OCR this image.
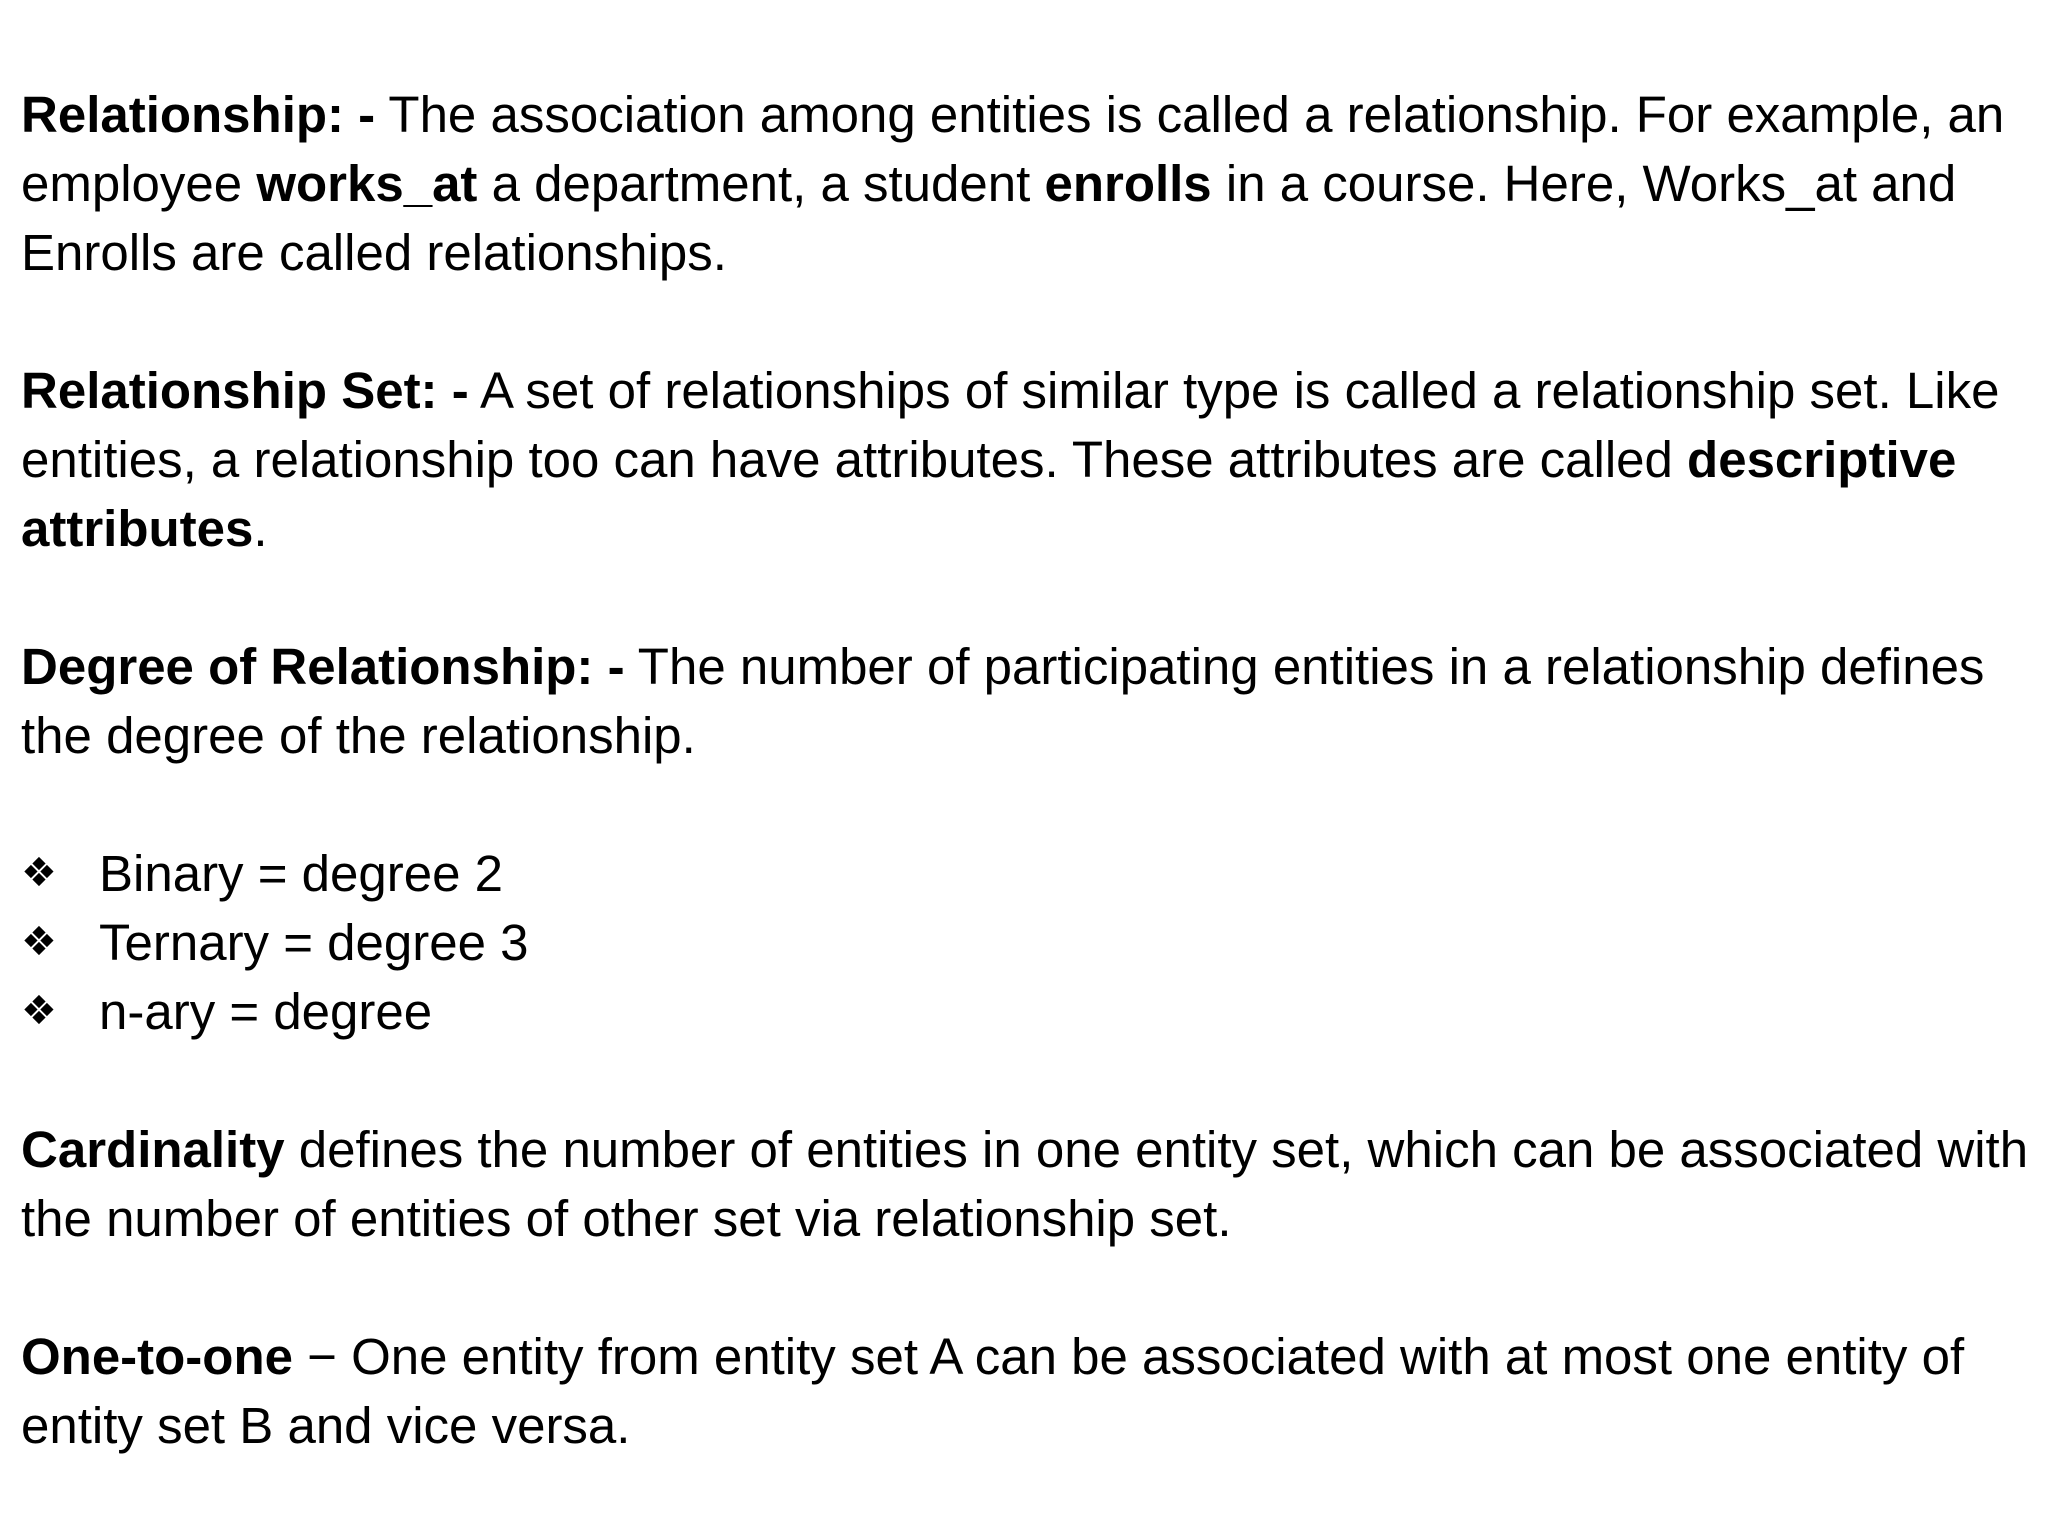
Relationship: - The association among entities is called a relationship. For example, an employee works_at a department, a student enrolls in a course. Here, Works_at and Enrolls are called relationships.

Relationship Set: - A set of relationships of similar type is called a relationship set. Like entities, a relationship too can have attributes. These attributes are called descriptive attributes.

Degree of Relationship: - The number of participating entities in a relationship defines the degree of the relationship.

❖ Binary = degree 2
❖ Ternary = degree 3
❖ n-ary = degree

Cardinality defines the number of entities in one entity set, which can be associated with the number of entities of other set via relationship set.

One-to-one − One entity from entity set A can be associated with at most one entity of entity set B and vice versa.
